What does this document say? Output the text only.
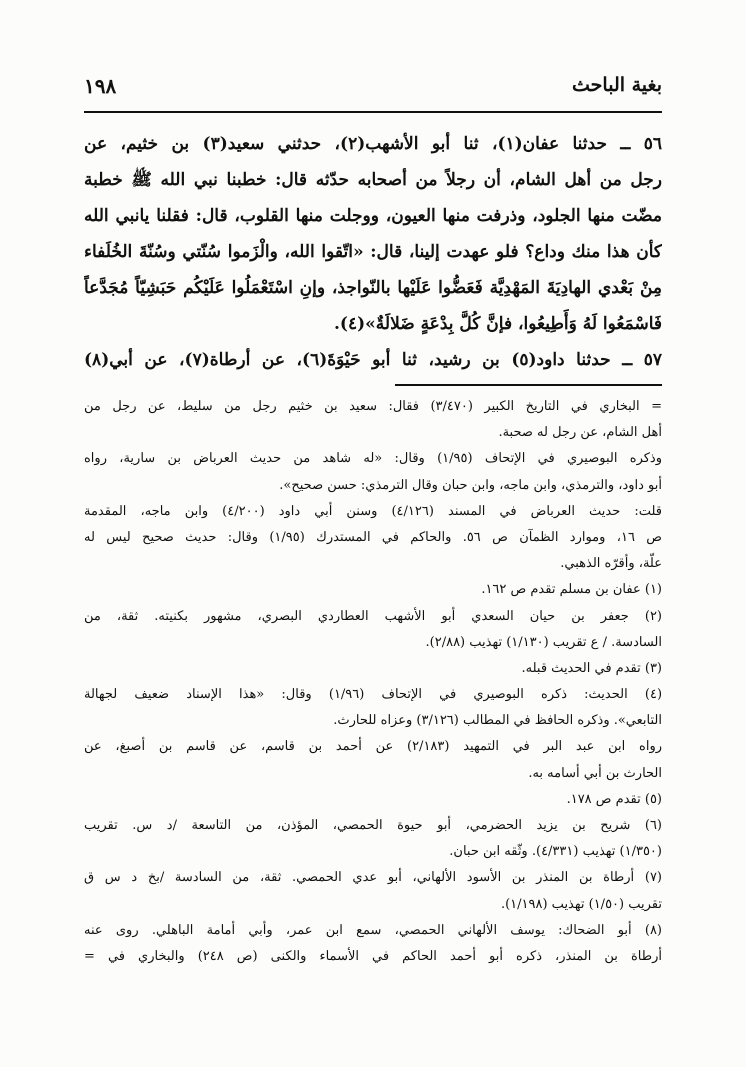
بغية الباحث
١٩٨
٥٦ ــ حدثنا عفان(١)، ثنا أبو الأشهب(٢)، حدثني سعيد(٣) بن خثيم، عن
رجل من أهل الشام، أن رجلاً من أصحابه حدّثه قال: خطبنا نبي الله ﷺ خطبة
مضّت منها الجلود، وذرفت منها العيون، ووجلت منها القلوب، قال: فقلنا يانبي الله
كأن هذا منك وداع؟ فلو عهدت إلينا، قال: «اتّقوا الله، والْزَموا سُنّتي وسُنّةَ الخُلَفاء
مِنْ بَعْدي الهادِيَةَ المَهْدِيَّة فَعَضُّوا عَلَيْها بالنّواجذ، وإنِ اسْتَعْمَلُوا عَلَيْكُم حَبَشِيّاً مُجَدَّعاً
فَاسْمَعُوا لَهُ وَأَطِيعُوا، فإنَّ كُلَّ بِدْعَةٍ ضَلالَةٌ»(٤).
٥٧ ــ حدثنا داود(٥) بن رشيد، ثنا أبو حَيْوَةَ(٦)، عن أرطاة(٧)، عن أبي(٨)
= البخاري في التاريخ الكبير (٣/٤٧٠) فقال: سعيد بن خثيم رجل من سليط، عن رجل من
أهل الشام، عن رجل له صحبة.
وذكره البوصيري في الإتحاف (١/٩٥) وقال: «له شاهد من حديث العرباض بن سارية، رواه
أبو داود، والترمذي، وابن ماجه، وابن حبان وقال الترمذي: حسن صحيح».
قلت: حديث العرباض في المسند (٤/١٢٦) وسنن أبي داود (٤/٢٠٠) وابن ماجه، المقدمة
ص ١٦، وموارد الظمآن ص ٥٦. والحاكم في المستدرك (١/٩٥) وقال: حديث صحيح ليس له
علّة، وأقرّه الذهبي.
(١) عفان بن مسلم تقدم ص ١٦٢.
(٢) جعفر بن حيان السعدي أبو الأشهب العطاردي البصري، مشهور بكنيته. ثقة، من
السادسة. / ع تقريب (١/١٣٠) تهذيب (٢/٨٨).
(٣) تقدم في الحديث قبله.
(٤) الحديث: ذكره البوصيري في الإتحاف (١/٩٦) وقال: «هذا الإسناد ضعيف لجهالة
التابعي». وذكره الحافظ في المطالب (٣/١٢٦) وعزاه للحارث.
رواه ابن عبد البر في التمهيد (٢/١٨٣) عن أحمد بن قاسم، عن قاسم بن أصبغ، عن
الحارث بن أبي أسامه به.
(٥) تقدم ص ١٧٨.
(٦) شريح بن يزيد الحضرمي، أبو حيوة الحمصي، المؤذن، من التاسعة /د س. تقريب
(١/٣٥٠) تهذيب (٤/٣٣١). وثّقه ابن حبان.
(٧) أرطاة بن المنذر بن الأسود الألهاني، أبو عدي الحمصي. ثقة، من السادسة /بخ د س ق
تقريب (١/٥٠) تهذيب (١/١٩٨).
(٨) أبو الضحاك: يوسف الألهاني الحمصي، سمع ابن عمر، وأبي أمامة الباهلي. روى عنه
أرطاة بن المنذر، ذكره أبو أحمد الحاكم في الأسماء والكنى (ص ٢٤٨) والبخاري في =
